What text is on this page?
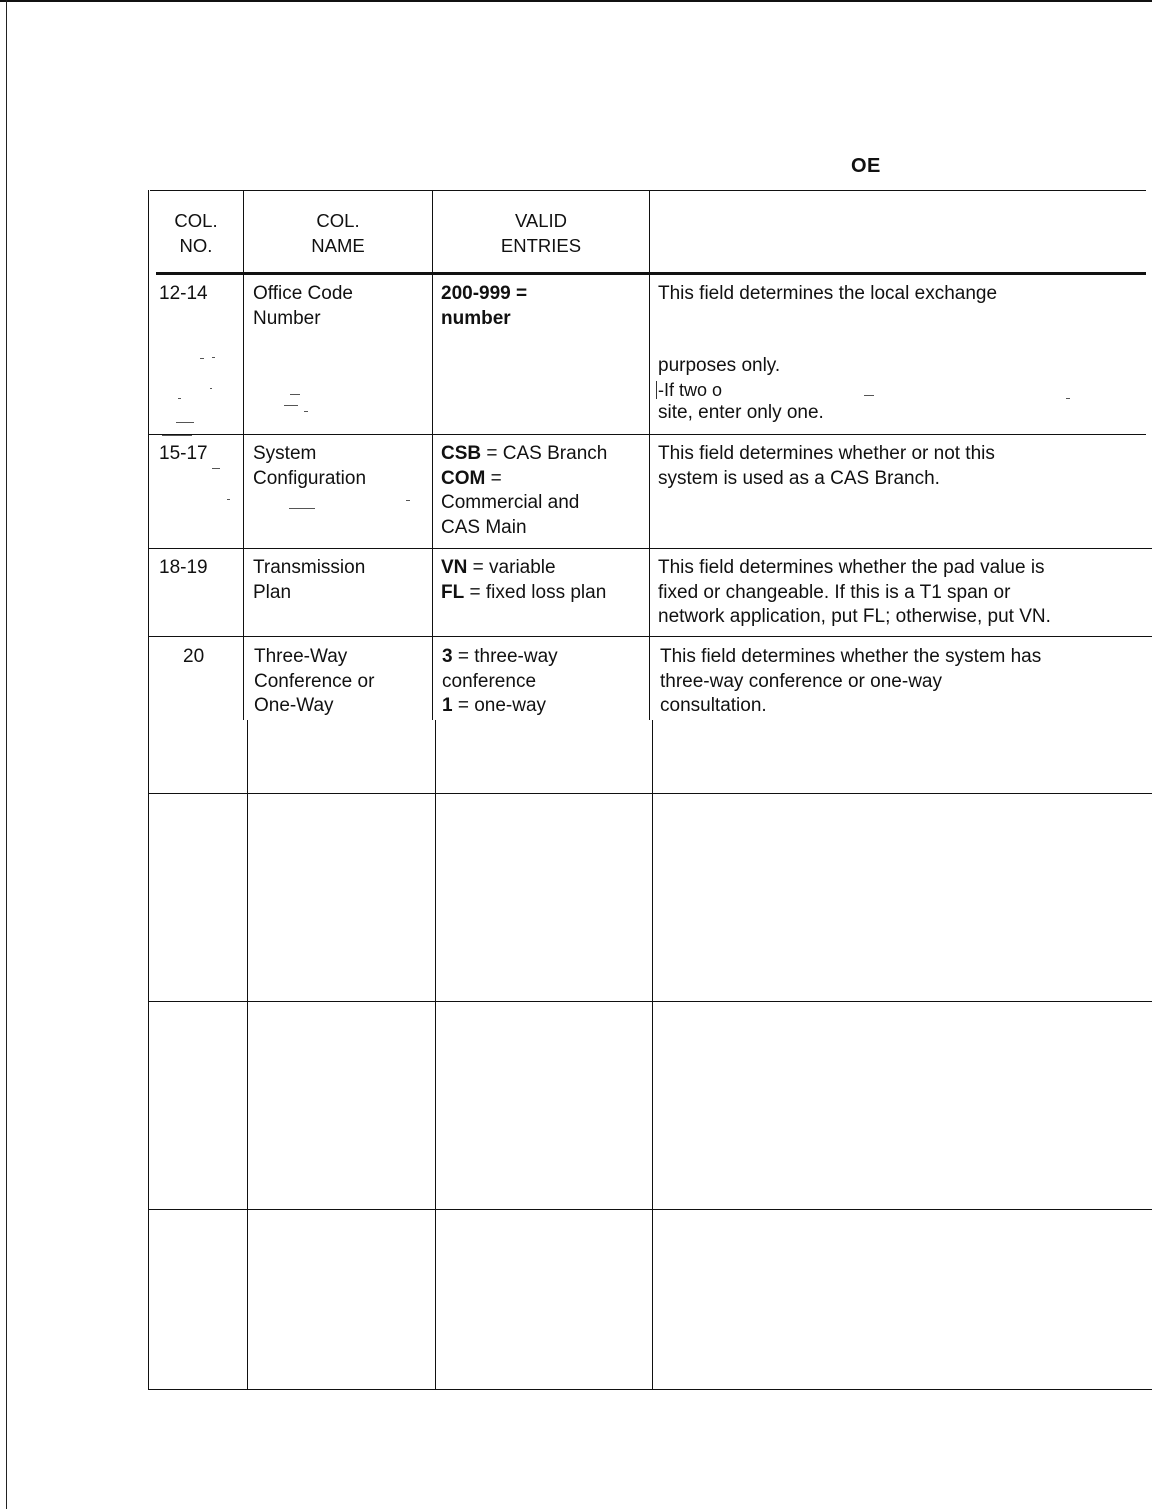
OE
COL.
NO.
COL.
NAME
VALID
ENTRIES
12-14 Office Code
Number
200-999 =
number
This field determines the local exchange
purposes only.
-If two o
site, enter only one.
15-17 System
Configuration
CSB = CAS Branch
COM =
Commercial and
CAS Main
This field determines whether or not this
system is used as a CAS Branch.
18-19 Transmission
Plan
VN = variable
FL = fixed loss plan
This field determines whether the pad value is
fixed or changeable. If this is a T1 span or
network application, put FL; otherwise, put VN.
20	Three-Way
Conference or
One-Way
3 = three-way
conference
1 = one-way
This field determines whether the system has
three-way conference or one-way
consultation.
